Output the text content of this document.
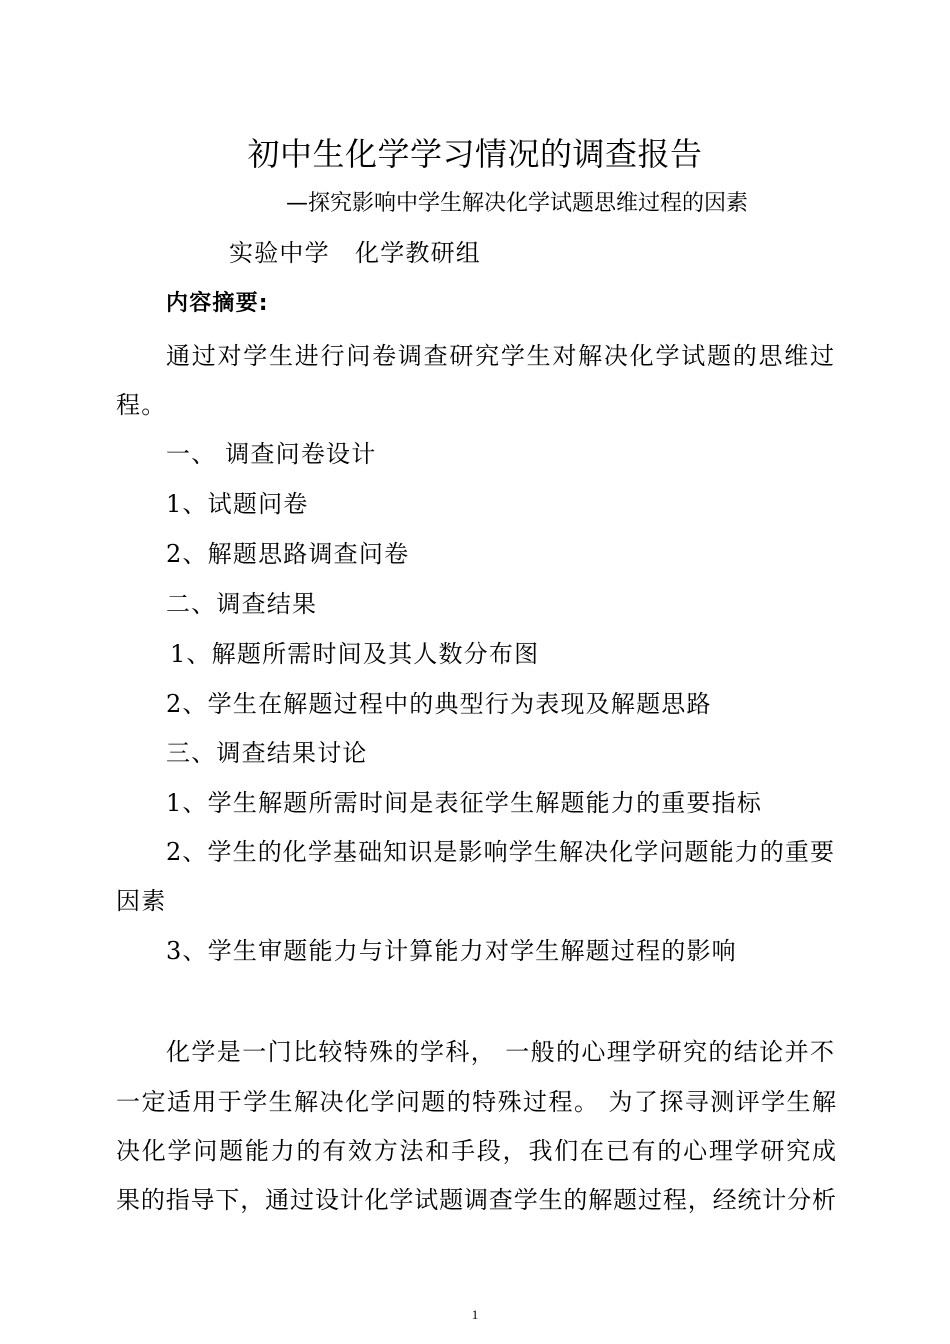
初中生化学学习情况的调查报告
—探究影响中学生解决化学试题思维过程的因素
实验中学　化学教研组
内容摘要:
通过对学生进行问卷调查研究学生对解决化学试题的思维过
程。
一、 调查问卷设计
1、试题问卷
2、解题思路调查问卷
二、调查结果
1、解题所需时间及其人数分布图
2、学生在解题过程中的典型行为表现及解题思路
三、调查结果讨论
1、学生解题所需时间是表征学生解题能力的重要指标
2、学生的化学基础知识是影响学生解决化学问题能力的重要
因素
3、学生审题能力与计算能力对学生解题过程的影响
化学是一门比较特殊的学科， 一般的心理学研究的结论并不
一定适用于学生解决化学问题的特殊过程。 为了探寻测评学生解
决化学问题能力的有效方法和手段，我们在已有的心理学研究成
果的指导下，通过设计化学试题调查学生的解题过程，经统计分析
1
